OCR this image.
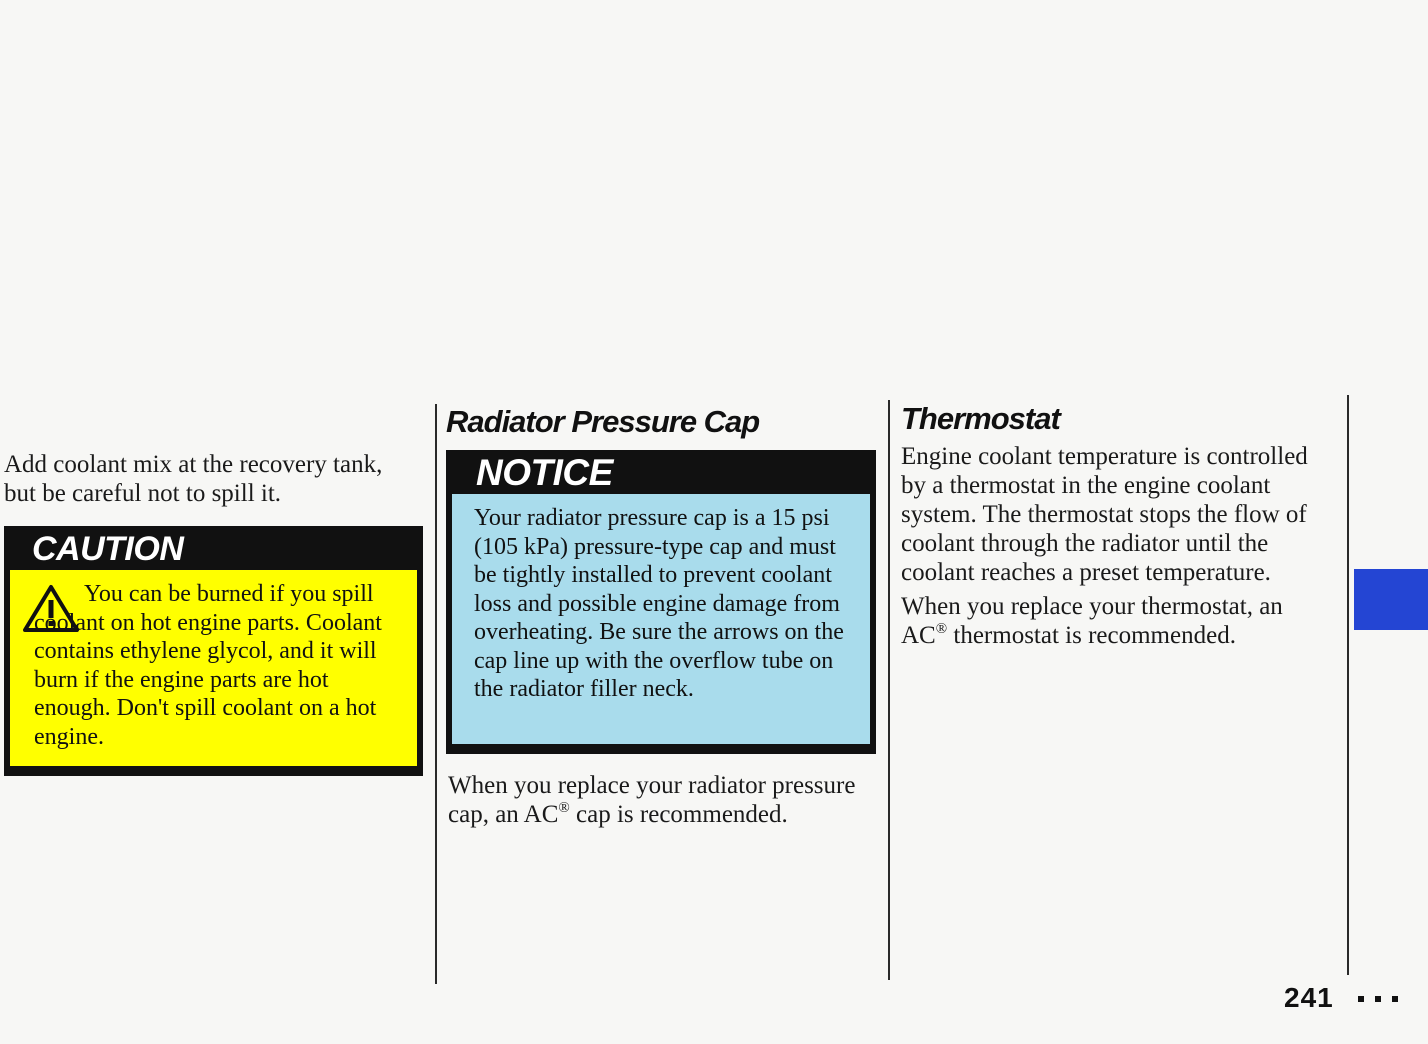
Add coolant mix at the recovery tank, but be careful not to spill it.

CAUTION

You can be burned if you spill coolant on hot engine parts. Coolant contains ethylene glycol, and it will burn if the engine parts are hot enough. Don't spill coolant on a hot engine.

Radiator Pressure Cap
NOTICE

Your radiator pressure cap is a 15 psi (105 kPa) pressure-type cap and must be tightly installed to prevent coolant loss and possible engine damage from overheating. Be sure the arrows on the cap line up with the overflow tube on the radiator filler neck.

When you replace your radiator pressure cap, an AC® cap is recommended.

Thermostat

Engine coolant temperature is controlled by a thermostat in the engine coolant system. The thermostat stops the flow of coolant through the radiator until the coolant reaches a preset temperature.

When you replace your thermostat, an AC® thermostat is recommended.

241
